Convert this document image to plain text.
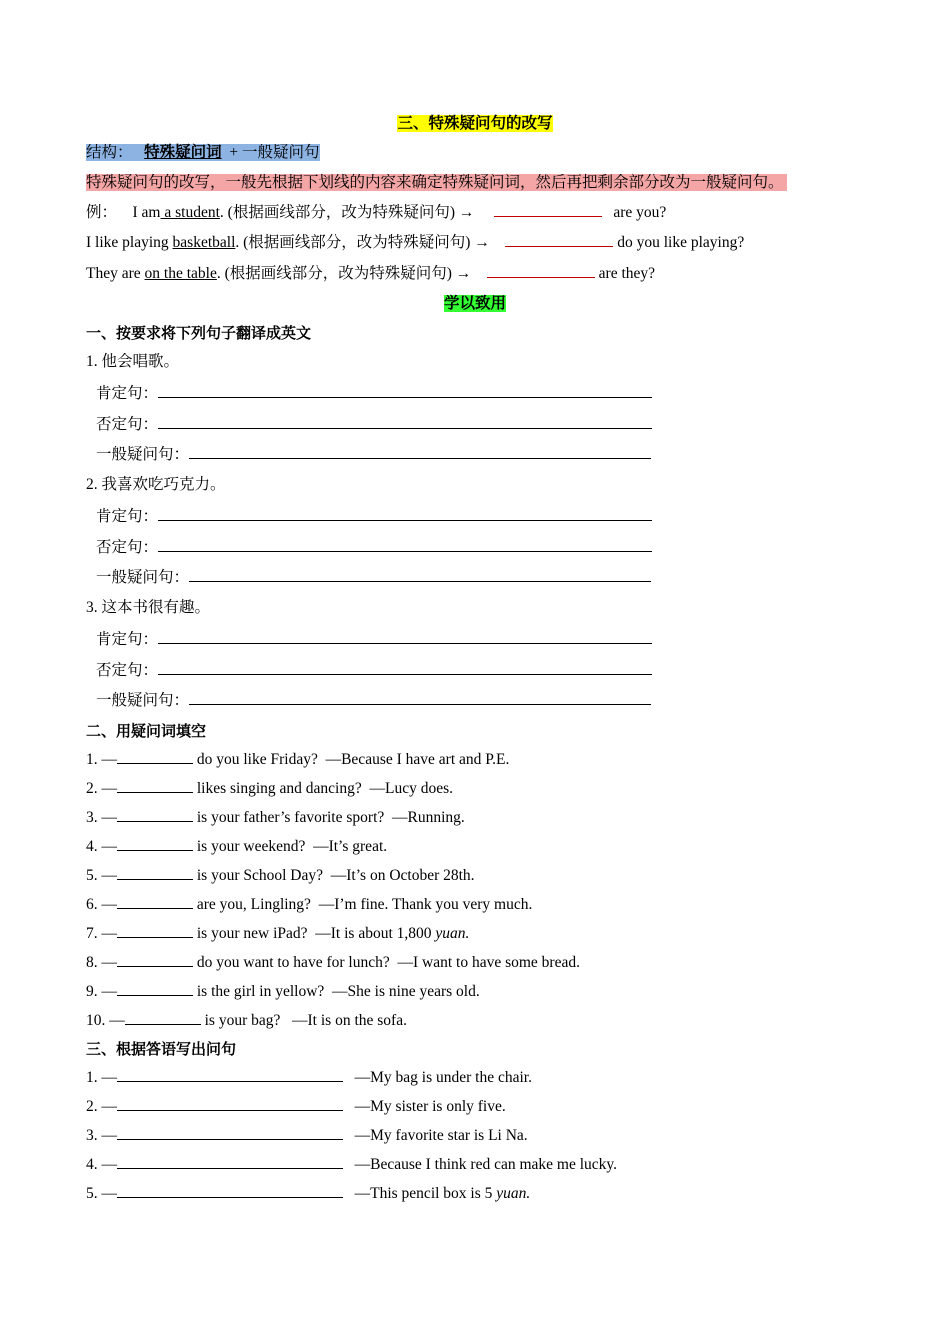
三、特殊疑问句的改写
结构： 特殊疑问词 + 一般疑问句
特殊疑问句的改写，一般先根据下划线的内容来确定特殊疑问词，然后再把剩余部分改为一般疑问句。
例： I am a student. (根据画线部分，改为特殊疑问句) →	are you?
I like playing basketball. (根据画线部分，改为特殊疑问句) →	do you like playing?
They are on the table. (根据画线部分，改为特殊疑问句) →	are they?
学以致用
一、按要求将下列句子翻译成英文
1. 他会唱歌。
肯定句：
否定句：
一般疑问句：
2. 我喜欢吃巧克力。
肯定句：
否定句：
一般疑问句：
3. 这本书很有趣。
肯定句：
否定句：
一般疑问句：
二、用疑问词填空
1. —	do you like Friday? —Because I have art and P.E.
2. —	likes singing and dancing? —Lucy does.
3. —	is your father’s favorite sport? —Running.
4. —	is your weekend? —It’s great.
5. —	is your School Day? —It’s on October 28th.
6. —	are you, Lingling? —I’m fine. Thank you very much.
7. —	is your new iPad? —It is about 1,800 yuan.
8. —	do you want to have for lunch? —I want to have some bread.
9. —	is the girl in yellow? —She is nine years old.
10. —	is your bag? —It is on the sofa.
三、根据答语写出问句
1. —	—My bag is under the chair.
2. —	—My sister is only five.
3. —	—My favorite star is Li Na.
4. —	—Because I think red can make me lucky.
5. —	—This pencil box is 5 yuan.
